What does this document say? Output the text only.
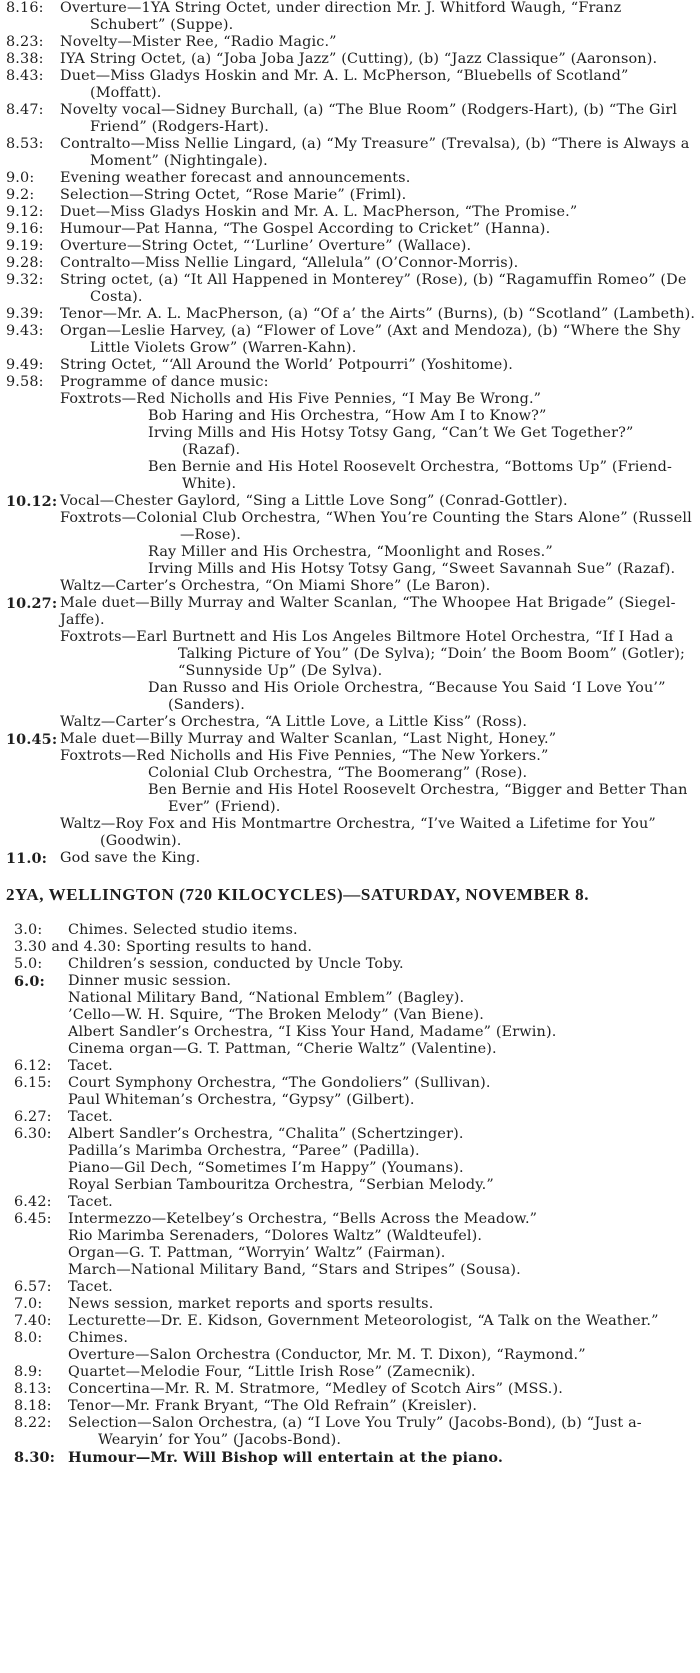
8.16:	Overture—1YA String Octet, under direction Mr. J. Whitford Waugh, “Franz Schubert” (Suppe).
8.23:	Novelty—Mister Ree, “Radio Magic.”
8.38:	IYA String Octet, (a) “Joba Joba Jazz” (Cutting), (b) “Jazz Classique” (Aaronson).
8.43:	Duet—Miss Gladys Hoskin and Mr. A. L. McPherson, “Bluebells of Scotland” (Moffatt).
8.47:	Novelty vocal—Sidney Burchall, (a) “The Blue Room” (Rodgers-Hart), (b) “The Girl Friend” (Rodgers-Hart).
8.53:	Contralto—Miss Nellie Lingard, (a) “My Treasure” (Trevalsa), (b) “There is Always a Moment” (Nightingale).
9.0:	Evening weather forecast and announcements.
9.2:	Selection—String Octet, “Rose Marie” (Friml).
9.12:	Duet—Miss Gladys Hoskin and Mr. A. L. MacPherson, “The Promise.”
9.16:	Humour—Pat Hanna, “The Gospel According to Cricket” (Hanna).
9.19:	Overture—String Octet, “‘Lurline’ Overture” (Wallace).
9.28:	Contralto—Miss Nellie Lingard, “Allelula” (O’Connor-Morris).
9.32:	String octet, (a) “It All Happened in Monterey” (Rose), (b) “Ragamuffin Romeo” (De Costa).
9.39:	Tenor—Mr. A. L. MacPherson, (a) “Of a’ the Airts” (Burns), (b) “Scotland” (Lambeth).
9.43:	Organ—Leslie Harvey, (a) “Flower of Love” (Axt and Mendoza), (b) “Where the Shy Little Violets Grow” (Warren-Kahn).
9.49:	String Octet, “‘All Around the World’ Potpourri” (Yoshitome).
9.58:	Programme of dance music:
Foxtrots—Red Nicholls and His Five Pennies, “I May Be Wrong.”
Bob Haring and His Orchestra, “How Am I to Know?”
Irving Mills and His Hotsy Totsy Gang, “Can’t We Get Together?” (Razaf).
Ben Bernie and His Hotel Roosevelt Orchestra, “Bottoms Up” (Friend-White).
10.12: Vocal—Chester Gaylord, “Sing a Little Love Song” (Conrad-Gottler).
Foxtrots—Colonial Club Orchestra, “When You’re Counting the Stars Alone” (Russell—Rose).
Ray Miller and His Orchestra, “Moonlight and Roses.”
Irving Mills and His Hotsy Totsy Gang, “Sweet Savannah Sue” (Razaf).
Waltz—Carter’s Orchestra, “On Miami Shore” (Le Baron).
10.27: Male duet—Billy Murray and Walter Scanlan, “The Whoopee Hat Brigade” (Siegel-Jaffe).
Foxtrots—Earl Burtnett and His Los Angeles Biltmore Hotel Orchestra, “If I Had a Talking Picture of You” (De Sylva); “Doin’ the Boom Boom” (Gotler); “Sunnyside Up” (De Sylva).
Dan Russo and His Oriole Orchestra, “Because You Said ‘I Love You’” (Sanders).
Waltz—Carter’s Orchestra, “A Little Love, a Little Kiss” (Ross).
10.45: Male duet—Billy Murray and Walter Scanlan, “Last Night, Honey.”
Foxtrots—Red Nicholls and His Five Pennies, “The New Yorkers.”
Colonial Club Orchestra, “The Boomerang” (Rose).
Ben Bernie and His Hotel Roosevelt Orchestra, “Bigger and Better Than Ever” (Friend).
Waltz—Roy Fox and His Montmartre Orchestra, “I’ve Waited a Lifetime for You” (Goodwin).
11.0: God save the King.
2YA, WELLINGTON (720 KILOCYCLES)—SATURDAY, NOVEMBER 8.
3.0:	Chimes. Selected studio items.
3.30 and 4.30: Sporting results to hand.
5.0:	Children’s session, conducted by Uncle Toby.
6.0:	Dinner music session.
National Military Band, “National Emblem” (Bagley).
’Cello—W. H. Squire, “The Broken Melody” (Van Biene).
Albert Sandler’s Orchestra, “I Kiss Your Hand, Madame” (Erwin).
Cinema organ—G. T. Pattman, “Cherie Waltz” (Valentine).
6.12:	Tacet.
6.15:	Court Symphony Orchestra, “The Gondoliers” (Sullivan).
Paul Whiteman’s Orchestra, “Gypsy” (Gilbert).
6.27:	Tacet.
6.30:	Albert Sandler’s Orchestra, “Chalita” (Schertzinger).
Padilla’s Marimba Orchestra, “Paree” (Padilla).
Piano—Gil Dech, “Sometimes I’m Happy” (Youmans).
Royal Serbian Tambouritza Orchestra, “Serbian Melody.”
6.42:	Tacet.
6.45:	Intermezzo—Ketelbey’s Orchestra, “Bells Across the Meadow.”
Rio Marimba Serenaders, “Dolores Waltz” (Waldteufel).
Organ—G. T. Pattman, “Worryin’ Waltz” (Fairman).
March—National Military Band, “Stars and Stripes” (Sousa).
6.57:	Tacet.
7.0:	News session, market reports and sports results.
7.40:	Lecturette—Dr. E. Kidson, Government Meteorologist, “A Talk on the Weather.”
8.0:	Chimes.
Overture—Salon Orchestra (Conductor, Mr. M. T. Dixon), “Raymond.”
8.9:	Quartet—Melodie Four, “Little Irish Rose” (Zamecnik).
8.13:	Concertina—Mr. R. M. Stratmore, “Medley of Scotch Airs” (MSS.).
8.18:	Tenor—Mr. Frank Bryant, “The Old Refrain” (Kreisler).
8.22:	Selection—Salon Orchestra, (a) “I Love You Truly” (Jacobs-Bond), (b) “Just a-Wearyin’ for You” (Jacobs-Bond).
8.30: Humour—Mr. Will Bishop will entertain at the piano.
